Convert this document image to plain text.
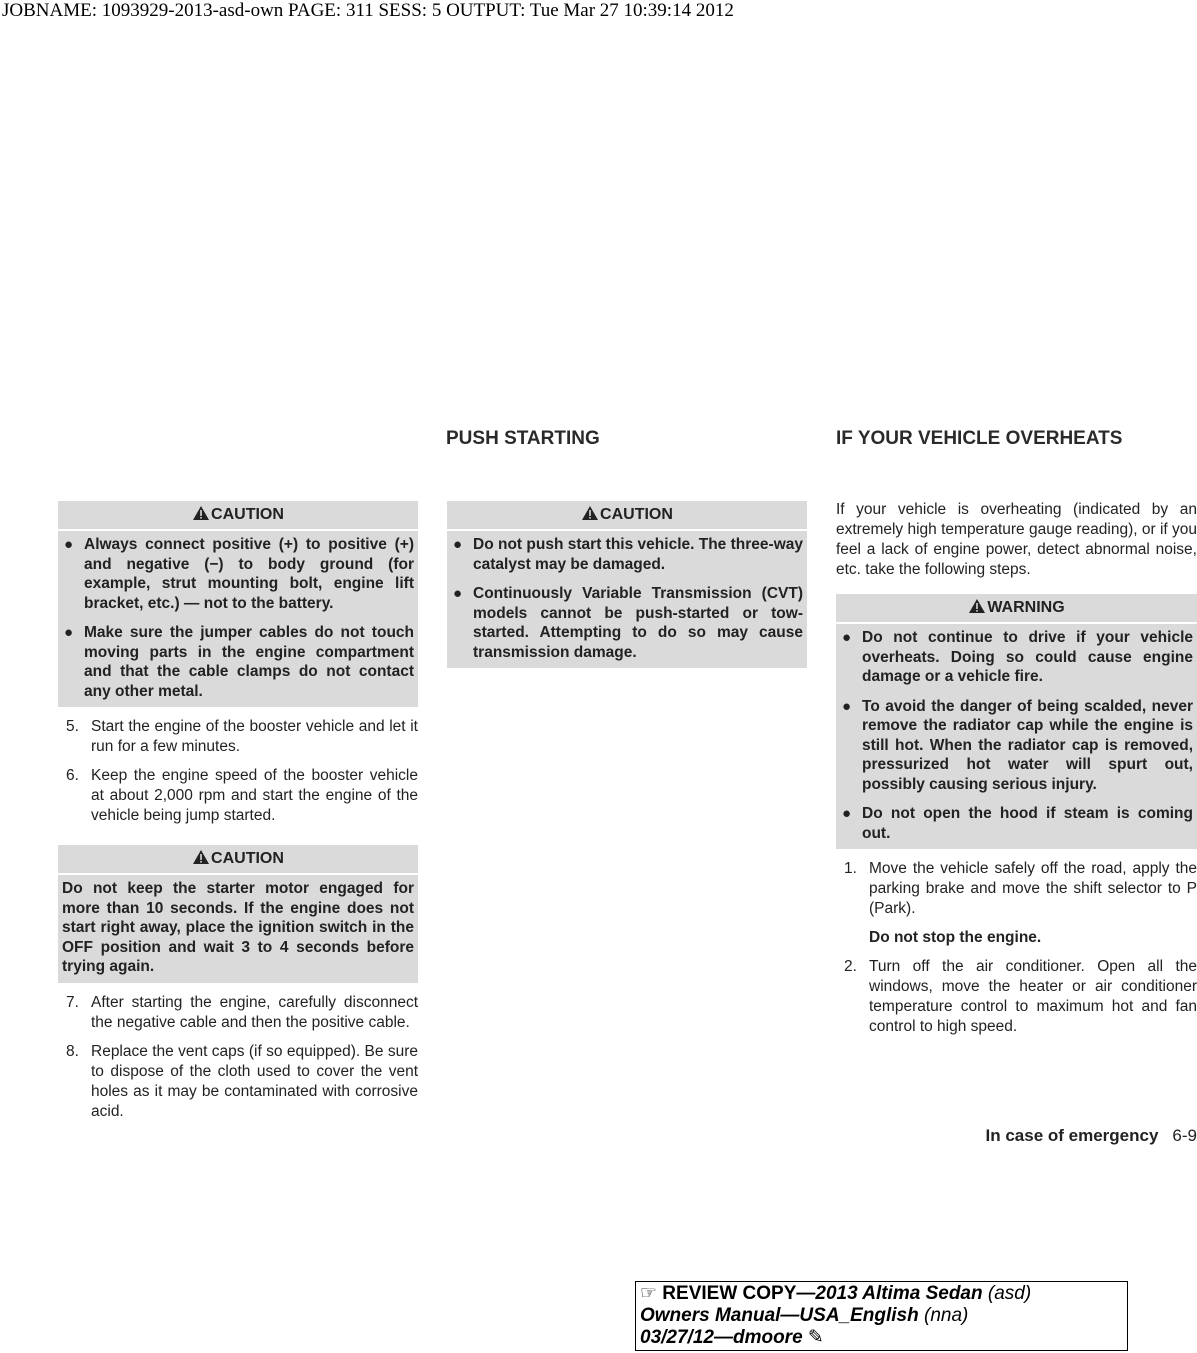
JOBNAME: 1093929-2013-asd-own PAGE: 311 SESS: 5 OUTPUT: Tue Mar 27 10:39:14 2012
PUSH STARTING	IF YOUR VEHICLE OVERHEATS
CAUTION
● Always connect positive (+) to positive (+) and negative (−) to body ground (for example, strut mounting bolt, engine lift bracket, etc.) — not to the battery.
● Make sure the jumper cables do not touch moving parts in the engine compartment and that the cable clamps do not contact any other metal.
5. Start the engine of the booster vehicle and let it run for a few minutes.
6. Keep the engine speed of the booster vehicle at about 2,000 rpm and start the engine of the vehicle being jump started.
CAUTION

Do not keep the starter motor engaged for more than 10 seconds. If the engine does not start right away, place the ignition switch in the OFF position and wait 3 to 4 seconds before trying again.

7. After starting the engine, carefully disconnect the negative cable and then the positive cable.
8. Replace the vent caps (if so equipped). Be sure to dispose of the cloth used to cover the vent holes as it may be contaminated with corrosive acid.
CAUTION
● Do not push start this vehicle. The three-way catalyst may be damaged.
● Continuously Variable Transmission (CVT) models cannot be push-started or tow-started. Attempting to do so may cause transmission damage.

If your vehicle is overheating (indicated by an extremely high temperature gauge reading), or if you feel a lack of engine power, detect abnormal noise, etc. take the following steps.

WARNING
● Do not continue to drive if your vehicle overheats. Doing so could cause engine damage or a vehicle fire.
● To avoid the danger of being scalded, never remove the radiator cap while the engine is still hot. When the radiator cap is removed, pressurized hot water will spurt out, possibly causing serious injury.
● Do not open the hood if steam is coming out.
1. Move the vehicle safely off the road, apply the parking brake and move the shift selector to P (Park).
Do not stop the engine.
2. Turn off the air conditioner. Open all the windows, move the heater or air conditioner temperature control to maximum hot and fan control to high speed.
In case of emergency 6-9
☞ REVIEW COPY—2013 Altima Sedan (asd)
Owners Manual—USA_English (nna)
03/27/12—dmoore ✎
